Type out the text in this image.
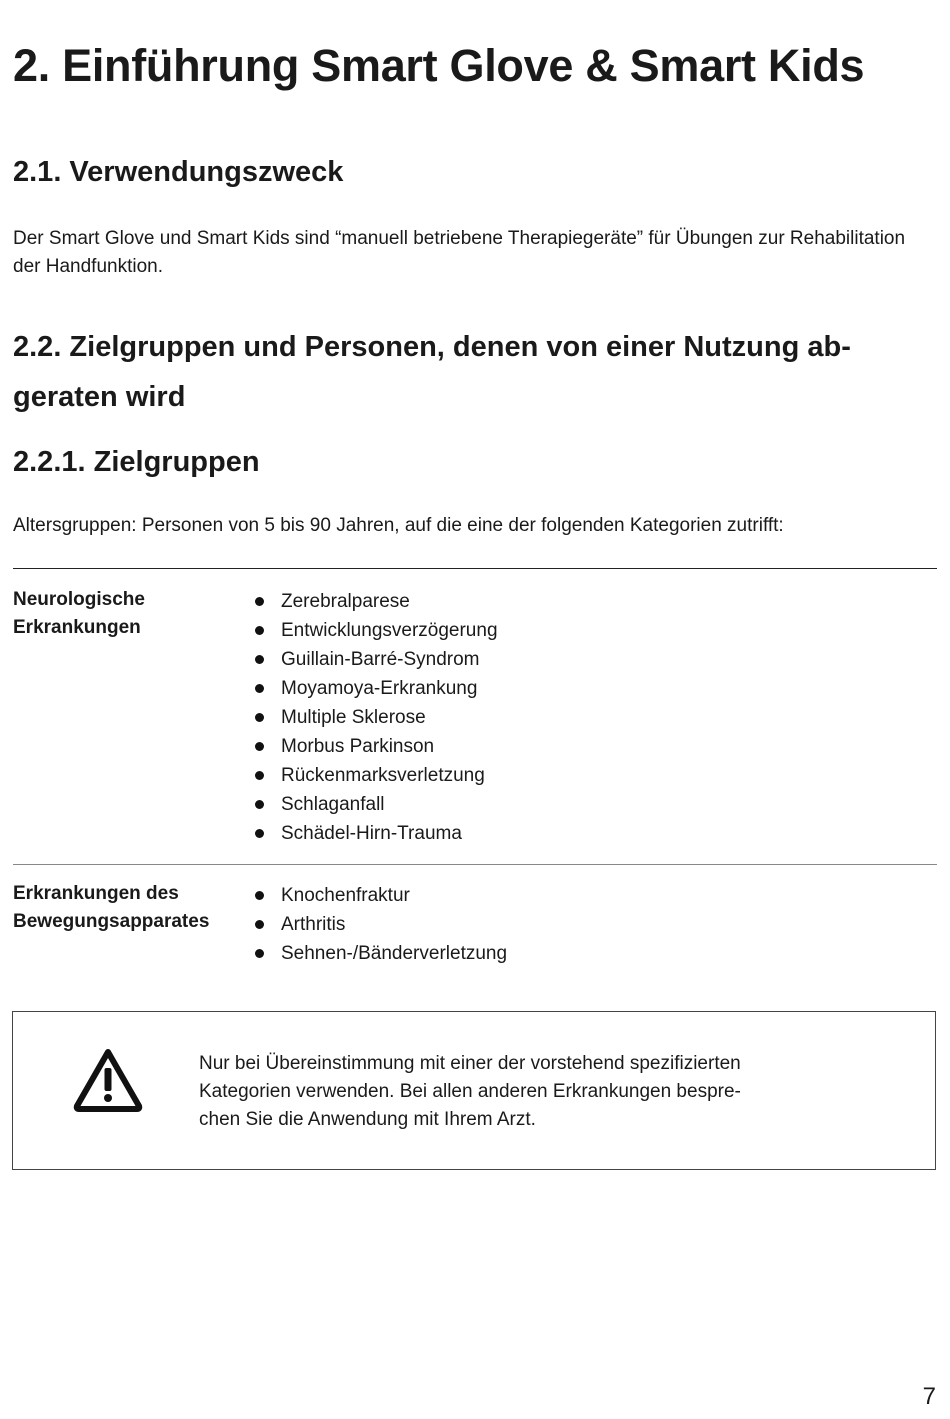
2. Einführung Smart Glove & Smart Kids
2.1. Verwendungszweck

Der Smart Glove und Smart Kids sind “manuell betriebene Therapiegeräte” für Übungen zur Rehabilitation der Handfunktion.

2.2. Zielgruppen und Personen, denen von einer Nutzung ab-
geraten wird
2.2.1. Zielgruppen

Altersgruppen: Personen von 5 bis 90 Jahren, auf die eine der folgenden Kategorien zutrifft:

Neurologische
Erkrankungen

Zerebralparese
Entwicklungsverzögerung
Guillain-Barré-Syndrom
Moyamoya-Erkrankung
Multiple Sklerose
Morbus Parkinson
Rückenmarksverletzung
Schlaganfall
Schädel-Hirn-Trauma

Erkrankungen des
Bewegungsapparates

Knochenfraktur
Arthritis
Sehnen-/Bänderverletzung

Nur bei Übereinstimmung mit einer der vorstehend spezifizierten
Kategorien verwenden. Bei allen anderen Erkrankungen bespre-
chen Sie die Anwendung mit Ihrem Arzt.

7
